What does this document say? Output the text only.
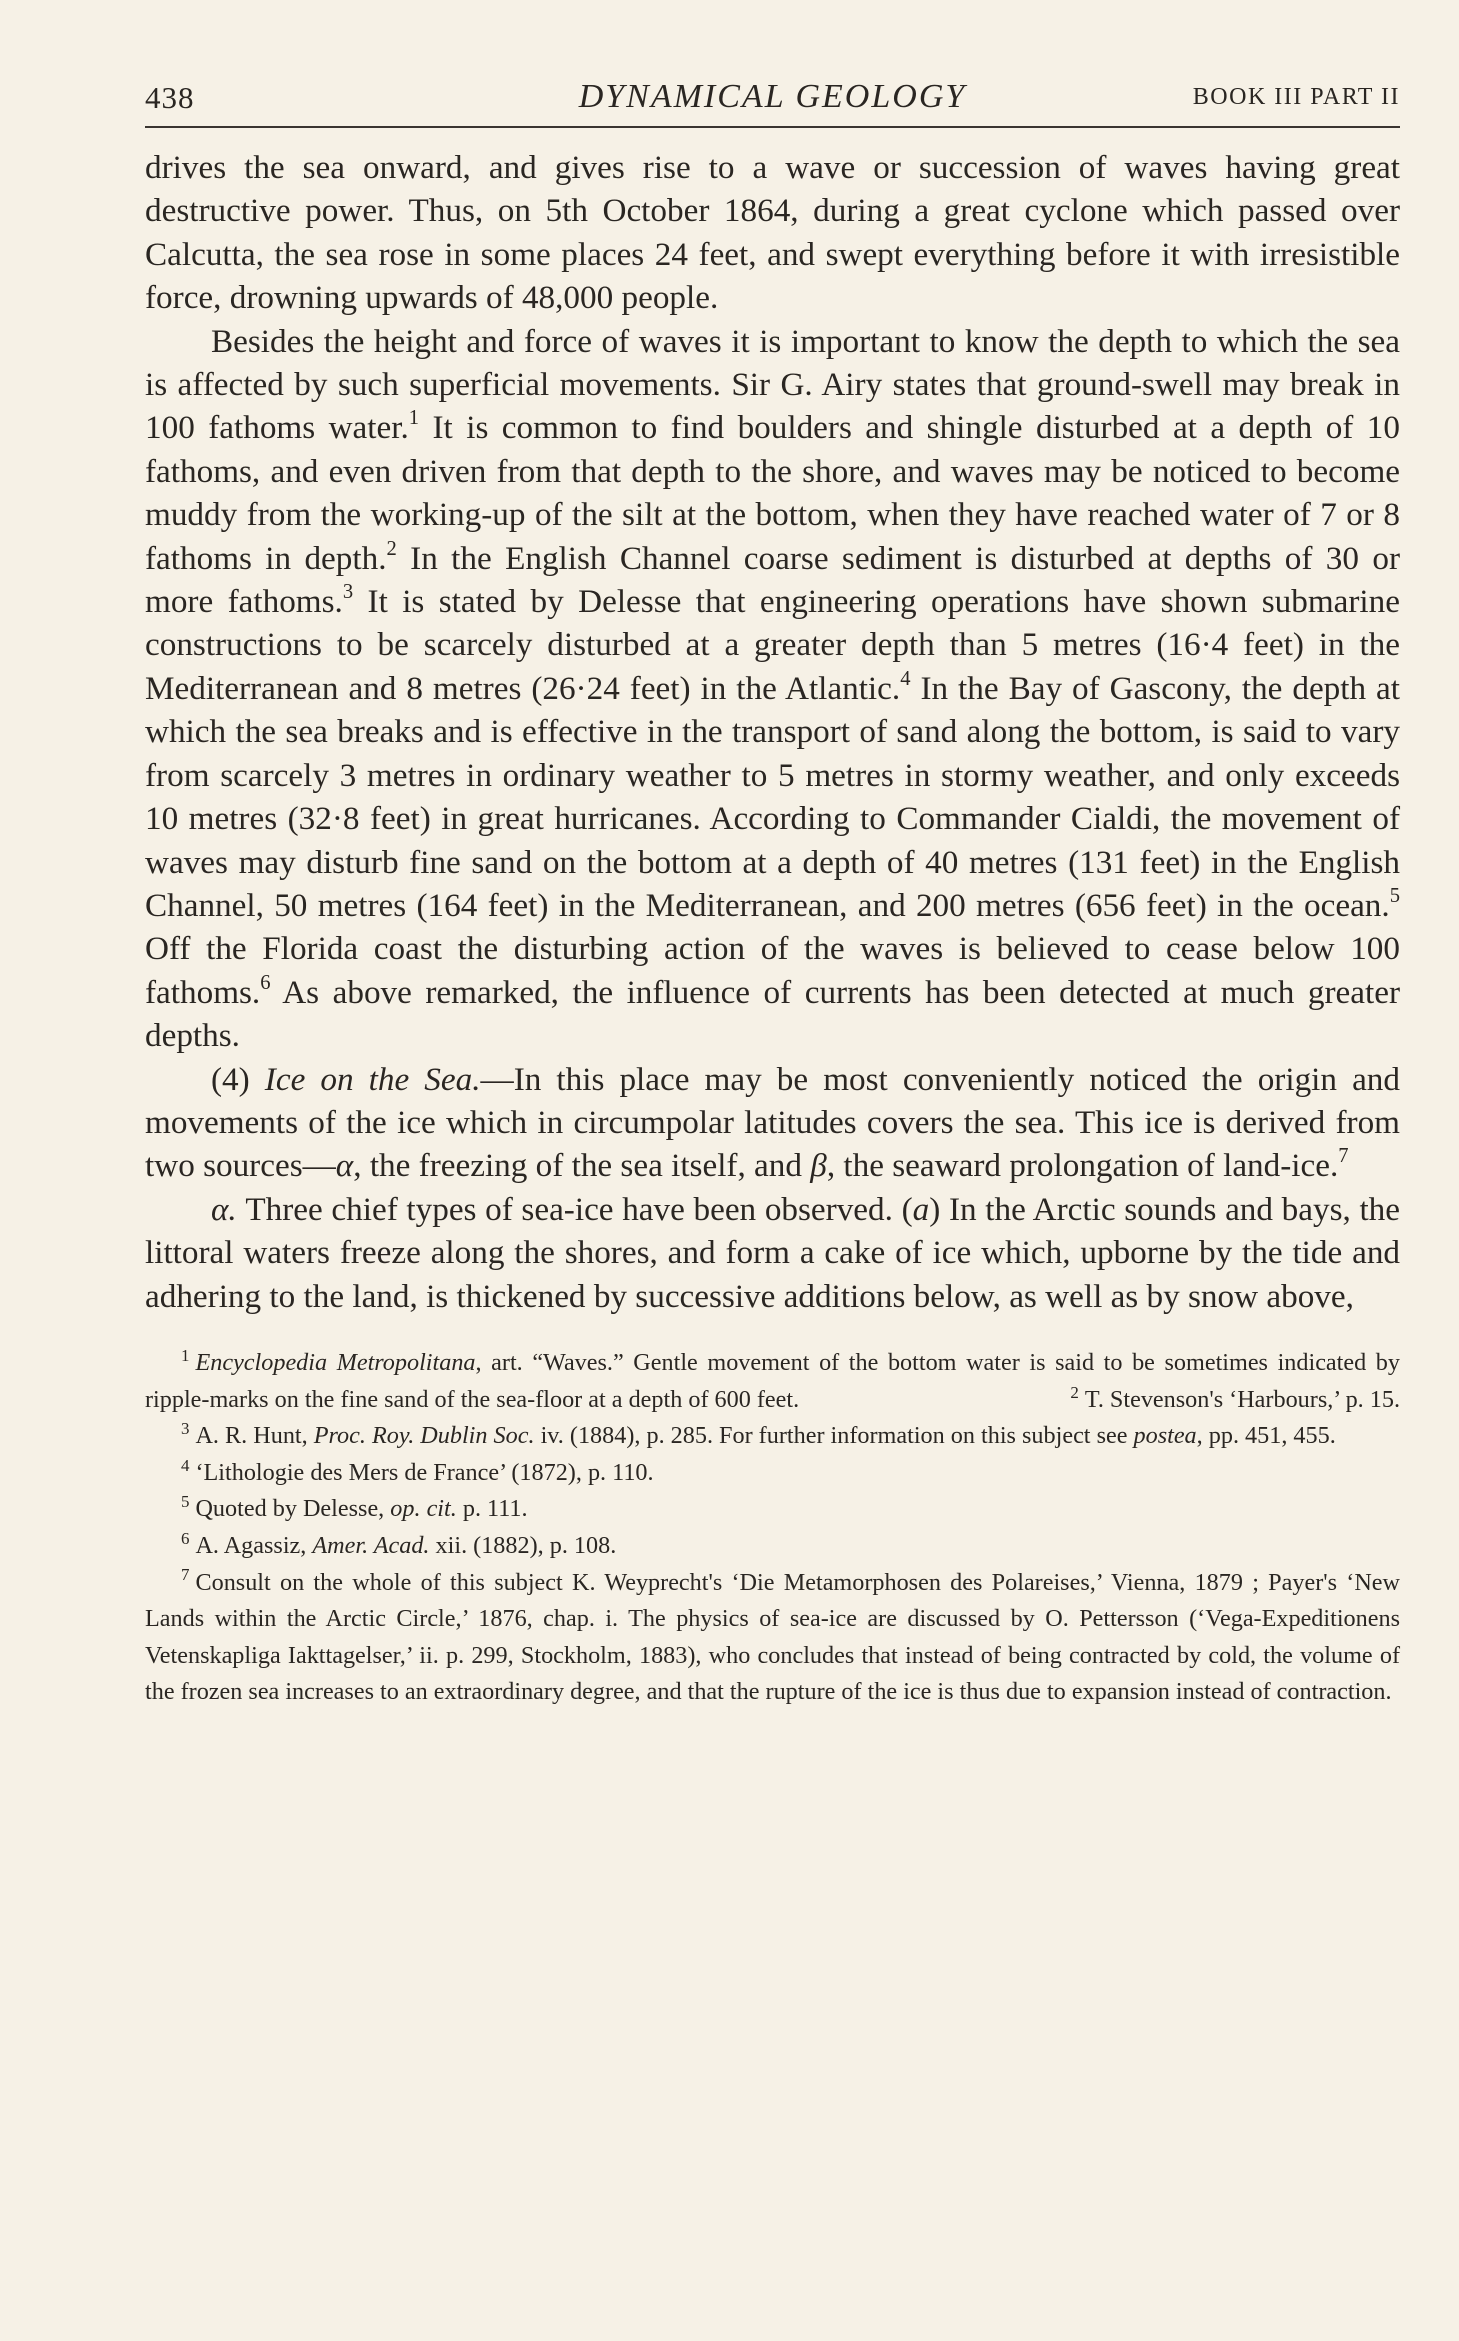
438	DYNAMICAL GEOLOGY	BOOK III PART II

drives the sea onward, and gives rise to a wave or succession of waves having great destructive power. Thus, on 5th October 1864, during a great cyclone which passed over Calcutta, the sea rose in some places 24 feet, and swept everything before it with irresistible force, drowning upwards of 48,000 people.

Besides the height and force of waves it is important to know the depth to which the sea is affected by such superficial movements. Sir G. Airy states that ground-swell may break in 100 fathoms water.$^1$ It is common to find boulders and shingle disturbed at a depth of 10 fathoms, and even driven from that depth to the shore, and waves may be noticed to become muddy from the working-up of the silt at the bottom, when they have reached water of 7 or 8 fathoms in depth.$^2$ In the English Channel coarse sediment is disturbed at depths of 30 or more fathoms.$^3$ It is stated by Delesse that engineering operations have shown submarine constructions to be scarcely disturbed at a greater depth than 5 metres (16·4 feet) in the Mediterranean and 8 metres (26·24 feet) in the Atlantic.$^4$ In the Bay of Gascony, the depth at which the sea breaks and is effective in the transport of sand along the bottom, is said to vary from scarcely 3 metres in ordinary weather to 5 metres in stormy weather, and only exceeds 10 metres (32·8 feet) in great hurricanes. According to Commander Cialdi, the movement of waves may disturb fine sand on the bottom at a depth of 40 metres (131 feet) in the English Channel, 50 metres (164 feet) in the Mediterranean, and 200 metres (656 feet) in the ocean.$^5$ Off the Florida coast the disturbing action of the waves is believed to cease below 100 fathoms.$^6$ As above remarked, the influence of currents has been detected at much greater depths.

(4) Ice on the Sea.—In this place may be most conveniently noticed the origin and movements of the ice which in circumpolar latitudes covers the sea. This ice is derived from two sources—α, the freezing of the sea itself, and β, the seaward prolongation of land-ice.$^7$

α. Three chief types of sea-ice have been observed. (a) In the Arctic sounds and bays, the littoral waters freeze along the shores, and form a cake of ice which, upborne by the tide and adhering to the land, is thickened by successive additions below, as well as by snow above,

$^1$ Encyclopedia Metropolitana, art. “Waves.” Gentle movement of the bottom water is said to be sometimes indicated by ripple-marks on the fine sand of the sea-floor at a depth of 600 feet.	$^2$ T. Stevenson's ‘Harbours,’ p. 15.

$^3$ A. R. Hunt, Proc. Roy. Dublin Soc. iv. (1884), p. 285. For further information on this subject see postea, pp. 451, 455.

$^4$ ‘Lithologie des Mers de France’ (1872), p. 110.

$^5$ Quoted by Delesse, op. cit. p. 111.

$^6$ A. Agassiz, Amer. Acad. xii. (1882), p. 108.

$^7$ Consult on the whole of this subject K. Weyprecht's ‘Die Metamorphosen des Polareises,’ Vienna, 1879 ; Payer's ‘New Lands within the Arctic Circle,’ 1876, chap. i. The physics of sea-ice are discussed by O. Pettersson (‘Vega-Expeditionens Vetenskapliga Iakttagelser,’ ii. p. 299, Stockholm, 1883), who concludes that instead of being contracted by cold, the volume of the frozen sea increases to an extraordinary degree, and that the rupture of the ice is thus due to expansion instead of contraction.
